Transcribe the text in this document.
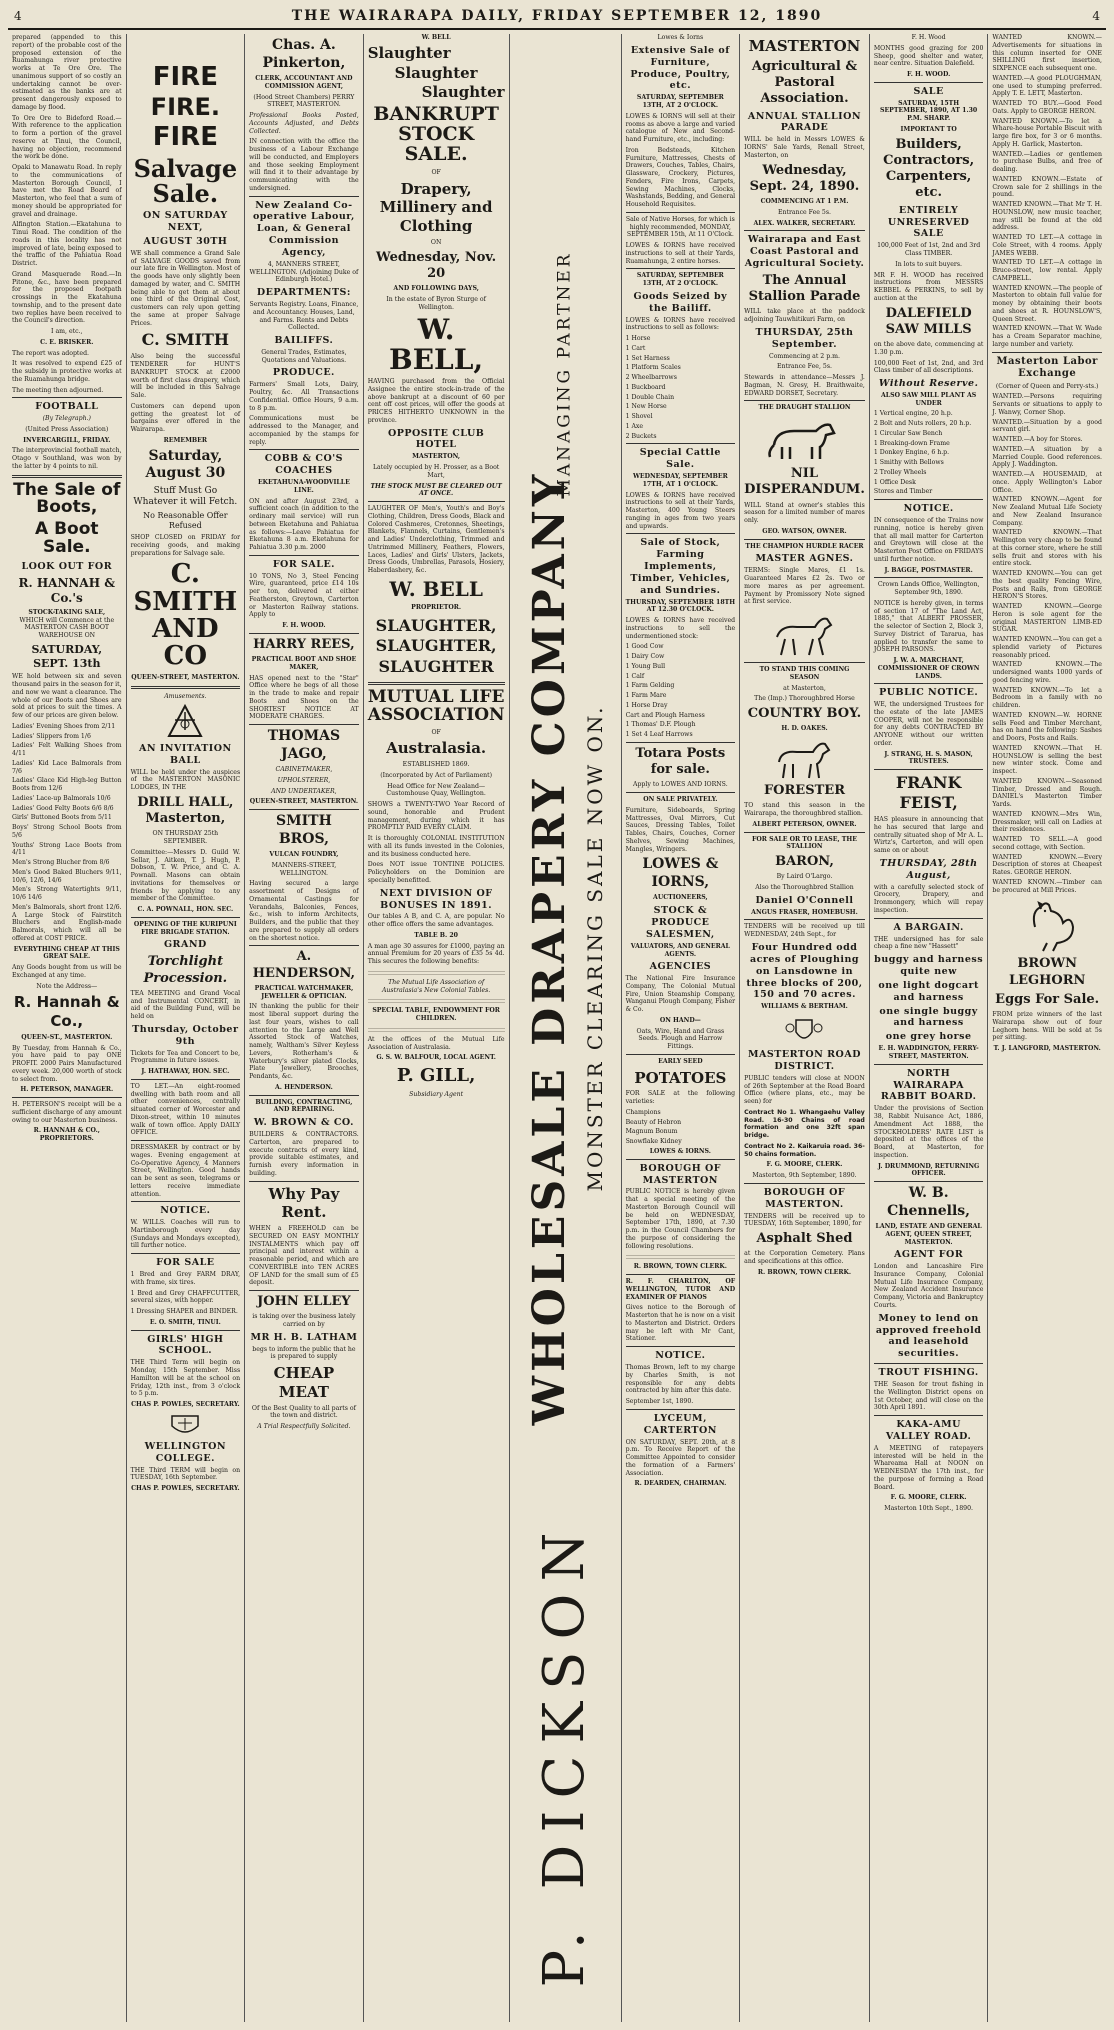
4	THE WAIRARAPA DAILY, FRIDAY SEPTEMBER 12, 1890	4

prepared (appended to this report) of the probable cost of the proposed extension of the Ruamahunga river protective works at Te Ore Ore. The unanimous support of so costly an undertaking cannot be over-estimated as the banks are at present dangerously exposed to damage by flood.

To Ore Ore to Bideford Road.—With reference to the application to form a portion of the gravel reserve at Tinui, the Council, having no objection, recommend the work be done.

Opaki to Manawatu Road. In reply to the communications of Masterton Borough Council, I have met the Road Board of Masterton, who feel that a sum of money should be appropriated for gravel and drainage.

Alfington Station.—Ekatahuna to Tinui Road. The condition of the roads in this locality has not improved of late, being exposed to the traffic of the Pahiatua Road District.

Grand Masquerade Road.—In Pitone, &c., have been prepared for the proposed footpath crossings in the Ekatahuna township, and to the present date two replies have been received to the Council's direction.

I am, etc.,

C. E. BRISKER.

The report was adopted.

It was resolved to expend £25 of the subsidy in protective works at the Ruamahunga bridge.

The meeting then adjourned.

FOOTBALL

(By Telegraph.)

(United Press Association)

INVERCARGILL, FRIDAY.

The interprovincial football match, Otago v Southland, was won by the latter by 4 points to nil.

The Sale of Boots,
A Boot Sale.
LOOK OUT FOR
R. HANNAH & Co.'s
STOCK-TAKING SALE,

WHICH will Commence at the MASTERTON CASH BOOT WAREHOUSE ON

SATURDAY, SEPT. 13th

WE hold between six and seven thousand pairs in the season for it, and now we want a clearance. The whole of our Boots and Shoes are sold at prices to suit the times. A few of our prices are given below.

Ladies' Evening Shoes from 2/11

Ladies' Slippers from 1/6

Ladies' Felt Walking Shoes from 4/11

Ladies' Kid Lace Balmorals from 7/6

Ladies' Glace Kid High-leg Button Boots from 12/6

Ladies' Lace-up Balmorals 10/6

Ladies' Good Felty Boots 6/6 8/6

Girls' Buttoned Boots from 5/11

Boys' Strong School Boots from 5/6

Youths' Strong Lace Boots from 4/11

Men's Strong Blucher from 8/6

Men's Good Baked Bluchers 9/11, 10/6, 12/6, 14/6

Men's Strong Watertights 9/11, 10/6 14/6

Men's Balmorals, short front 12/6. A Large Stock of Fairstitch Bluchers and English-made Balmorals, which will all be offered at COST PRICE.

EVERYTHING CHEAP AT THIS GREAT SALE.

Any Goods bought from us will be Exchanged at any time.

Note the Address—

R. Hannah & Co.,

QUEEN-ST., MASTERTON.

By Tuesday, from Hannah & Co., you have paid to pay ONE PROFIT. 2000 Pairs Manufactured every week. 20,000 worth of stock to select from.

H. PETERSON, MANAGER.

H. PETERSON'S receipt will be a sufficient discharge of any amount owing to our Masterton business.

R. HANNAH & CO., PROPRIETORS.

FIRE
FIRE.
FIRE
Salvage Sale.
ON SATURDAY NEXT,
AUGUST 30TH

WE shall commence a Grand Sale of SALVAGE GOODS saved from our late fire in Wellington. Most of the goods have only slightly been damaged by water, and C. SMITH being able to get them at about one third of the Original Cost, customers can rely upon getting the same at proper Salvage Prices.

C. SMITH

Also being the successful TENDERER for HUNT'S BANKRUPT STOCK at £2000 worth of first class drapery, which will be included in this Salvage Sale.

Customers can depend upon getting the greatest lot of bargains ever offered in the Wairarapa.

REMEMBER

Saturday, August 30

Stuff Must Go Whatever it will Fetch.

No Reasonable Offer Refused

SHOP CLOSED on FRIDAY for receiving goods, and making preparations for Salvage sale.

C. SMITH AND CO

QUEEN-STREET, MASTERTON.

Amusements.

AN INVITATION BALL

WILL be held under the auspices of the MASTERTON MASONIC LODGES, IN THE

DRILL HALL, Masterton,

ON THURSDAY 25th SEPTEMBER.

Committee:—Messrs D. Guild W. Sellar, J. Aitken, T. J. Hugh, P. Dobson, T. W. Price, and C. A. Pownall. Masons can obtain invitations for themselves or friends by applying to any member of the Committee.

C. A. POWNALL, HON. SEC.

OPENING OF THE KURIPUNI FIRE BRIGADE STATION.

GRAND
Torchlight Procession.

TEA MEETING and Grand Vocal and Instrumental CONCERT, in aid of the Building Fund, will be held on

Thursday, October 9th

Tickets for Tea and Concert to be, Programme in future issues.

J. HATHAWAY, HON. SEC.

TO LET.—An eight-roomed dwelling with bath room and all other conveniences, centrally situated corner of Worcester and Dixon-street, within 10 minutes walk of town office. Apply DAILY OFFICE.

DRESSMAKER by contract or by wages. Evening engagement at Co-Operative Agency, 4 Manners Street, Wellington. Good hands can be sent as seen, telegrams or letters receive immediate attention.

NOTICE.

W. WILLS. Coaches will run to Martinborough every day (Sundays and Mondays excepted), till further notice.

FOR SALE

1 Bred and Grey FARM DRAY, with frame, six tires.

1 Bred and Grey CHAFFCUTTER, several sizes, with hopper.

1 Dressing SHAPER and BINDER.

E. O. SMITH, TINUI.

GIRLS' HIGH SCHOOL.

THE Third Term will begin on Monday, 15th September. Miss Hamilton will be at the school on Friday, 12th inst., from 3 o'clock to 5 p.m.

CHAS P. POWLES, SECRETARY.

WELLINGTON COLLEGE.

THE Third TERM will begin on TUESDAY, 16th September.

CHAS P. POWLES, SECRETARY.

Chas. A. Pinkerton,

CLERK, ACCOUNTANT AND COMMISSION AGENT,

(Hood Street Chambers) PERRY STREET, MASTERTON.

Professional Books Posted, Accounts Adjusted, and Debts Collected.

IN connection with the office the business of a Labour Exchange will be conducted, and Employers and those seeking Employment will find it to their advantage by communicating with the undersigned.

New Zealand Co-operative Labour, Loan, & General Commission Agency,

4, MANNERS STREET, WELLINGTON. (Adjoining Duke of Edinburgh Hotel.)

DEPARTMENTS:

Servants Registry. Loans, Finance, and Accountancy. Houses, Land, and Farms. Rents and Debts Collected.

BAILIFFS.

General Trades, Estimates, Quotations and Valuations.

PRODUCE.

Farmers' Small Lots, Dairy, Poultry, &c. All Transactions Confidential. Office Hours, 9 a.m. to 8 p.m.

Communications must be addressed to the Manager, and accompanied by the stamps for reply.

COBB & CO'S COACHES

EKETAHUNA-WOODVILLE LINE.

ON and after August 23rd, a sufficient coach (in addition to the ordinary mail service) will run between Eketahuna and Pahiatua as follows:—Leave Pahiatua for Eketahuna 8 a.m. Eketahuna for Pahiatua 3.30 p.m. 2000

FOR SALE.

10 TONS, No 3, Steel Fencing Wire, guaranteed, price £14 10s per ton, delivered at either Featherston, Greytown, Carterton or Masterton Railway stations. Apply to

F. H. WOOD.

HARRY REES,

PRACTICAL BOOT AND SHOE MAKER,

HAS opened next to the "Star" Office where he begs of all those in the trade to make and repair Boots and Shoes on the SHORTEST NOTICE AT MODERATE CHARGES.

THOMAS JAGO,

CABINETMAKER,

UPHOLSTERER,

AND UNDERTAKER,

QUEEN-STREET, MASTERTON.

SMITH BROS,

VULCAN FOUNDRY,

MANNERS-STREET, WELLINGTON.

Having secured a large assortment of Designs of Ornamental Castings for Verandahs, Balconies, Fences, &c., wish to inform Architects, Builders, and the public that they are prepared to supply all orders on the shortest notice.

A. HENDERSON,

PRACTICAL WATCHMAKER, JEWELLER & OPTICIAN.

IN thanking the public for their most liberal support during the last four years, wishes to call attention to the Large and Well Assorted Stock of Watches, namely, Waltham's Silver Keyless Levers, Rotherham's & Waterbury's silver plated Clocks, Plate Jewellery, Brooches, Pendants, &c.

A. HENDERSON.

BUILDING, CONTRACTING, AND REPAIRING.

W. BROWN & CO.

BUILDERS & CONTRACTORS. Carterton, are prepared to execute contracts of every kind, provide suitable estimates, and furnish every information in building.

Why Pay Rent.

WHEN a FREEHOLD can be SECURED ON EASY MONTHLY INSTALMENTS which pay off principal and interest within a reasonable period, and which are CONVERTIBLE into TEN ACRES OF LAND for the small sum of £5 deposit.

JOHN ELLEY

is taking over the business lately carried on by

MR H. B. LATHAM

begs to inform the public that he is prepared to supply

CHEAP MEAT

Of the Best Quality to all parts of the town and district.

A Trial Respectfully Solicited.

W. BELL

Slaughter
Slaughter
Slaughter
BANKRUPT STOCK SALE.

OF

Drapery, Millinery and Clothing

ON

Wednesday, Nov. 20

AND FOLLOWING DAYS,

In the estate of Byron Sturge of Wellington.

W. BELL,

HAVING purchased from the Official Assignee the entire stock-in-trade of the above bankrupt at a discount of 60 per cent off cost prices, will offer the goods at PRICES HITHERTO UNKNOWN in the province.

OPPOSITE CLUB HOTEL

MASTERTON,

Lately occupied by H. Prosser, as a Boot Mart,

THE STOCK MUST BE CLEARED OUT AT ONCE.

LAUGHTER OF Men's, Youth's and Boy's Clothing, Children, Dress Goods, Black and Colored Cashmeres, Cretonnes, Sheetings, Blankets, Flannels, Curtains, Gentlemen's and Ladies' Underclothing, Trimmed and Untrimmed Millinery, Feathers, Flowers, Laces, Ladies' and Girls' Ulsters, Jackets, Dress Goods, Umbrellas, Parasols, Hosiery, Haberdashery, &c.

W. BELL

PROPRIETOR.

SLAUGHTER, SLAUGHTER, SLAUGHTER
MUTUAL LIFE ASSOCIATION

OF

Australasia.

ESTABLISHED 1869.

(Incorporated by Act of Parliament)

Head Office for New Zealand—Customhouse Quay, Wellington.

SHOWS a TWENTY-TWO Year Record of sound, honorable and Prudent management, during which it has PROMPTLY PAID EVERY CLAIM.

It is thoroughly COLONIAL INSTITUTION with all its funds invested in the Colonies, and its business conducted here.

Does NOT issue TONTINE POLICIES. Policyholders on the Dominion are specially benefitted.

NEXT DIVISION OF BONUSES IN 1891.

Our tables A B, and C. A, are popular. No other office offers the same advantages.

TABLE B. 20

A man age 30 assures for £1000, paying an annual Premium for 20 years of £35 5s 4d. This secures the following benefits:

The Mutual Life Association of Australasia's New Colonial Tables.

SPECIAL TABLE, ENDOWMENT FOR CHILDREN.

At the offices of the Mutual Life Association of Australasia.

G. S. W. BALFOUR, LOCAL AGENT.

P. GILL,

Subsidiary Agent

MANAGING PARTNER
WHOLESALE DRAPERY COMPANY MONSTER CLEARING SALE NOW ON.
P. DICKSON

Lowes & Iorns

Extensive Sale of Furniture, Produce, Poultry, etc.

SATURDAY, SEPTEMBER 13TH, AT 2 O'CLOCK.

LOWES & IORNS will sell at their rooms as above a large and varied catalogue of New and Second-hand Furniture, etc., including:

Iron Bedsteads, Kitchen Furniture, Mattresses, Chests of Drawers, Couches, Tables, Chairs, Glassware, Crockery, Pictures, Fenders, Fire Irons, Carpets, Sewing Machines, Clocks, Washstands, Bedding, and General Household Requisites.

Sale of Native Horses, for which is highly recommended, MONDAY, SEPTEMBER 15th, At 11 O'Clock.

LOWES & IORNS have received instructions to sell at their Yards, Ruamahunga, 2 entire horses.

SATURDAY, SEPTEMBER 13TH, AT 2 O'CLOCK.

Goods Seized by the Bailiff.

LOWES & IORNS have received instructions to sell as follows:

1 Horse

1 Cart

1 Set Harness

1 Platform Scales

2 Wheelbarrows

1 Buckboard

1 Double Chain

1 New Horse

1 Shovel

1 Axe

2 Buckets

Special Cattle Sale.

WEDNESDAY, SEPTEMBER 17TH, AT 1 O'CLOCK.

LOWES & IORNS have received instructions to sell at their Yards, Masterton, 400 Young Steers ranging in ages from two years and upwards.

Sale of Stock, Farming Implements, Timber, Vehicles, and Sundries.

THURSDAY, SEPTEMBER 18TH AT 12.30 O'CLOCK.

LOWES & IORNS have received instructions to sell the undermentioned stock:

1 Good Cow

1 Dairy Cow

1 Young Bull

1 Calf

1 Farm Gelding

1 Farm Mare

1 Horse Dray

Cart and Plough Harness

1 Thomas' D.F. Plough

1 Set 4 Leaf Harrows

Totara Posts for sale.

Apply to LOWES AND IORNS.

ON SALE PRIVATELY.

Furniture, Sideboards, Spring Mattresses, Oval Mirrors, Cut Sauces, Dressing Tables, Toilet Tables, Chairs, Couches, Corner Shelves, Sewing Machines, Mangles, Wringers.

LOWES & IORNS,

AUCTIONEERS,

STOCK & PRODUCE SALESMEN,

VALUATORS, AND GENERAL AGENTS.

AGENCIES

The National Fire Insurance Company, The Colonial Mutual Fire, Union Steamship Company, Wanganui Plough Company, Fisher & Co.

ON HAND—

Oats, Wire, Hand and Grass Seeds. Plough and Harrow Fittings.

EARLY SEED

POTATOES

FOR SALE at the following varieties:

Champions

Beauty of Hebron

Magnum Bonum

Snowflake Kidney

LOWES & IORNS.

BOROUGH OF MASTERTON

PUBLIC NOTICE is hereby given that a special meeting of the Masterton Borough Council will be held on WEDNESDAY, September 17th, 1890, at 7.30 p.m. in the Council Chambers for the purpose of considering the following resolutions.

R. BROWN, TOWN CLERK.

R. F. CHARLTON, OF WELLINGTON, TUTOR AND EXAMINER OF PIANOS

Gives notice to the Borough of Masterton that he is now on a visit to Masterton and District. Orders may be left with Mr Cant, Stationer.

NOTICE.

Thomas Brown, left to my charge by Charles Smith, is not responsible for any debts contracted by him after this date.

September 1st, 1890.

LYCEUM, CARTERTON

ON SATURDAY, SEPT. 20th, at 8 p.m. To Receive Report of the Committee Appointed to consider the formation of a Farmers' Association.

R. DEARDEN, CHAIRMAN.

MASTERTON
Agricultural & Pastoral Association.
ANNUAL STALLION PARADE

WILL be held in Messrs LOWES & IORNS' Sale Yards, Renall Street, Masterton, on

Wednesday, Sept. 24, 1890.

COMMENCING AT 1 P.M.

Entrance Fee 5s.

ALEX. WALKER, SECRETARY.

Wairarapa and East Coast Pastoral and Agricultural Society.
The Annual Stallion Parade

WILL take place at the paddock adjoining Tauwhitikuri Farm, on

THURSDAY, 25th September.

Commencing at 2 p.m.

Entrance Fee, 5s.

Stewards in attendance—Messrs J. Bagman, N. Gresy, H. Braithwaite, EDWARD DORSET, Secretary.

THE DRAUGHT STALLION

NIL DISPERANDUM.

WILL Stand at owner's stables this season for a limited number of mares only.

GEO. WATSON, OWNER.

THE CHAMPION HURDLE RACER

MASTER AGNES.

TERMS: Single Mares, £1 1s. Guaranteed Mares £2 2s. Two or more mares as per agreement. Payment by Promissory Note signed at first service.

TO STAND THIS COMING SEASON

at Masterton,

The (Imp.) Thoroughbred Horse

COUNTRY BOY.

H. D. OAKES.

FORESTER

TO stand this season in the Wairarapa, the thoroughbred stallion.

ALBERT PETERSON, OWNER.

FOR SALE OR TO LEASE, THE STALLION

BARON,

By Laird O'Largo.

Also the Thoroughbred Stallion

Daniel O'Connell

ANGUS FRASER, HOMEBUSH.

TENDERS will be received up till WEDNESDAY, 24th Sept., for

Four Hundred odd acres of Ploughing on Lansdowne in three blocks of 200, 150 and 70 acres.

WILLIAMS & BERTHAM.

MASTERTON ROAD DISTRICT.

PUBLIC tenders will close at NOON of 26th September at the Road Board Office (where plans, etc., may be seen) for

Contract No 1. Whangaehu Valley Road. 16-30 Chains of road formation and one 32ft span bridge.

Contract No 2. Kaikaruia road. 36-50 chains formation.

F. G. MOORE, CLERK.

Masterton, 9th September, 1890.

BOROUGH OF MASTERTON.

TENDERS will be received up to TUESDAY, 16th September, 1890, for

Asphalt Shed

at the Corporation Cemetery. Plans and specifications at this office.

R. BROWN, TOWN CLERK.

F. H. Wood

MONTHS good grazing for 200 Sheep, good shelter and water, near centre. Situation Dalefield.

F. H. WOOD.

SALE

SATURDAY, 15TH SEPTEMBER, 1890, AT 1.30 P.M. SHARP.

IMPORTANT TO

Builders, Contractors, Carpenters, etc.
ENTIRELY UNRESERVED SALE

100,000 Feet of 1st, 2nd and 3rd Class TIMBER.

In lots to suit buyers.

MR F. H. WOOD has received instructions from MESSRS KEBBEL & PERKINS, to sell by auction at the

DALEFIELD SAW MILLS

on the above date, commencing at 1.30 p.m.

100,000 Feet of 1st, 2nd, and 3rd Class timber of all descriptions.

Without Reserve.

ALSO SAW MILL PLANT AS UNDER

1 Vertical engine, 20 h.p.

2 Bolt and Nuts rollers, 20 h.p.

1 Circular Saw Bench

1 Breaking-down Frame

1 Donkey Engine, 6 h.p.

1 Smithy with Bellows

2 Trolley Wheels

1 Office Desk

Stores and Timber

NOTICE.

IN consequence of the Trains now running, notice is hereby given that all mail matter for Carterton and Greytown will close at the Masterton Post Office on FRIDAYS until further notice.

J. BAGGE, POSTMASTER.

Crown Lands Office, Wellington, September 9th, 1890.

NOTICE is hereby given, in terms of section 17 of "The Land Act, 1885," that ALBERT PROSSER, the selector of Section 2, Block 3, Survey District of Tararua, has applied to transfer the same to JOSEPH PARSONS.

J. W. A. MARCHANT, COMMISSIONER OF CROWN LANDS.

PUBLIC NOTICE.

WE, the undersigned Trustees for the estate of the late JAMES COOPER, will not be responsible for any debts CONTRACTED BY ANYONE without our written order.

J. STRANG, H. S. MASON, TRUSTEES.

FRANK FEIST,

HAS pleasure in announcing that he has secured that large and centrally situated shop of Mr A. L. Wirtz's, Carterton, and will open same on or about

THURSDAY, 28th August,

with a carefully selected stock of Grocery, Drapery, and Ironmongery, which will repay inspection.

A BARGAIN.

THE undersigned has for sale cheap a fine new "Hassett"

buggy and harness quite new
one light dogcart and harness
one single buggy and harness
one grey horse

E. H. WADDINGTON, FERRY-STREET, MASTERTON.

NORTH WAIRARAPA RABBIT BOARD.

Under the provisions of Section 38, Rabbit Nuisance Act, 1886, Amendment Act 1888, the STOCKHOLDERS' RATE LIST is deposited at the offices of the Board, at Masterton, for inspection.

J. DRUMMOND, RETURNING OFFICER.

W. B. Chennells,

LAND, ESTATE AND GENERAL AGENT, QUEEN STREET, MASTERTON.

AGENT FOR

London and Lancashire Fire Insurance Company, Colonial Mutual Life Insurance Company, New Zealand Accident Insurance Company, Victoria and Bankruptcy Courts.

Money to lend on approved freehold and leasehold securities.
TROUT FISHING.

THE Season for trout fishing in the Wellington District opens on 1st October, and will close on the 30th April 1891.

KAKA-AMU VALLEY ROAD.

A MEETING of ratepayers interested will be held in the Whareama Hall at NOON on WEDNESDAY the 17th inst., for the purpose of forming a Road Board.

F. G. MOORE, CLERK.

Masterton 10th Sept., 1890.

WANTED KNOWN.—Advertisements for situations in this column inserted for ONE SHILLING first insertion, SIXPENCE each subsequent one.

WANTED.—A good PLOUGHMAN, one used to stumping preferred. Apply T. E. LETT, Masterton.

WANTED TO BUY.—Good Feed Oats. Apply to GEORGE HERON.

WANTED KNOWN.—To let a Whare-house Portable Biscuit with large fire box, for 3 or 6 months. Apply H. Garlick, Masterton.

WANTED.—Ladies or gentlemen to purchase Bulbs, and free of dealing.

WANTED KNOWN.—Estate of Crown sale for 2 shillings in the pound.

WANTED KNOWN.—That Mr T. H. HOUNSLOW, new music teacher, may still be found at the old address.

WANTED TO LET.—A cottage in Cole Street, with 4 rooms. Apply JAMES WEBB.

WANTED TO LET.—A cottage in Bruce-street, low rental. Apply CAMPBELL.

WANTED KNOWN.—The people of Masterton to obtain full value for money by obtaining their boots and shoes at R. HOUNSLOW'S, Queen Street.

WANTED KNOWN.—That W. Wade has a Cream Separator machine, large number and variety.

Masterton Labor Exchange

(Corner of Queen and Perry-sts.)

WANTED.—Persons requiring Servants or situations to apply to J. Wanwy, Corner Shop.

WANTED.—Situation by a good servant girl.

WANTED.—A boy for Stores.

WANTED.—A situation by a Married Couple. Good references. Apply J. Waddington.

WANTED.—A HOUSEMAID, at once. Apply Wellington's Labor Office.

WANTED KNOWN.—Agent for New Zealand Mutual Life Society and New Zealand Insurance Company.

WANTED KNOWN.—That Wellington very cheap to be found at this corner store, where he still sells fruit and stores with his entire stock.

WANTED KNOWN.—You can get the best quality Fencing Wire, Posts and Rails, from GEORGE HERON'S Stores.

WANTED KNOWN.—George Heron is sole agent for the original MASTERTON LIMB-ED SUGAR.

WANTED KNOWN.—You can get a splendid variety of Pictures reasonably priced.

WANTED KNOWN.—The undersigned wants 1000 yards of good fencing wire.

WANTED KNOWN.—To let a Bedroom in a family with no children.

WANTED KNOWN.—W. HORNE sells Feed and Timber Merchant, has on hand the following: Sashes and Doors, Posts and Rails.

WANTED KNOWN.—That H. HOUNSLOW is selling the best new winter stock. Come and inspect.

WANTED KNOWN.—Seasoned Timber, Dressed and Rough. DANIEL's Masterton Timber Yards.

WANTED KNOWN.—Mrs Win, Dressmaker, will call on Ladies at their residences.

WANTED TO SELL.—A good second cottage, with Section.

WANTED KNOWN.—Every Description of stores at Cheapest Rates. GEORGE HERON.

WANTED KNOWN.—Timber can be procured at Mill Prices.

BROWN LEGHORN
Eggs For Sale.

FROM prize winners of the last Wairarapa show out of four Leghorn hens. Will be sold at 5s per sitting.

T. J. LANGFORD, MASTERTON.
